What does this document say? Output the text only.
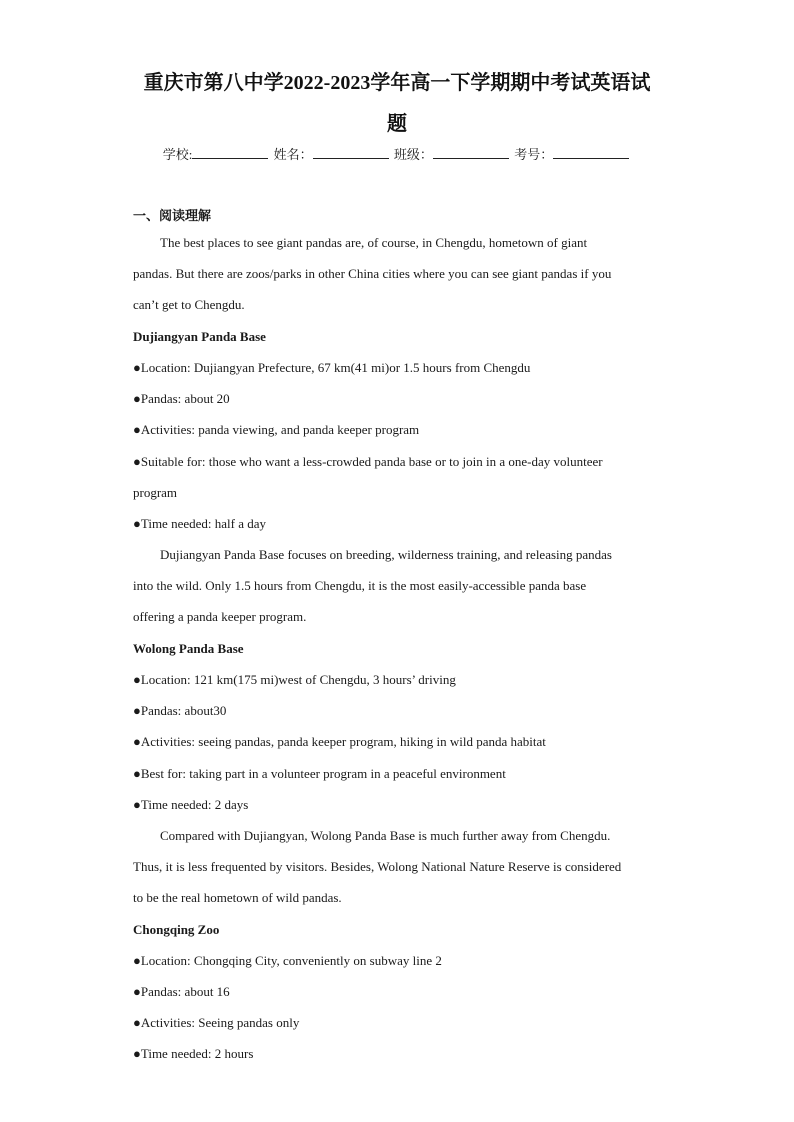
重庆市第八中学2022-2023学年高一下学期期中考试英语试
题
学校:	姓名：	班级：	考号：
一、阅读理解
The best places to see giant pandas are, of course, in Chengdu, hometown of giant
pandas. But there are zoos/parks in other China cities where you can see giant pandas if you
can’t get to Chengdu.
Dujiangyan Panda Base
●Location: Dujiangyan Prefecture, 67 km(41 mi)or 1.5 hours from Chengdu
●Pandas: about 20
●Activities: panda viewing, and panda keeper program
●Suitable for: those who want a less-crowded panda base or to join in a one-day volunteer
program
●Time needed: half a day
Dujiangyan Panda Base focuses on breeding, wilderness training, and releasing pandas
into the wild. Only 1.5 hours from Chengdu, it is the most easily-accessible panda base
offering a panda keeper program.
Wolong Panda Base
●Location: 121 km(175 mi)west of Chengdu, 3 hours’ driving
●Pandas: about30
●Activities: seeing pandas, panda keeper program, hiking in wild panda habitat
●Best for: taking part in a volunteer program in a peaceful environment
●Time needed: 2 days
Compared with Dujiangyan, Wolong Panda Base is much further away from Chengdu.
Thus, it is less frequented by visitors. Besides, Wolong National Nature Reserve is considered
to be the real hometown of wild pandas.
Chongqing Zoo
●Location: Chongqing City, conveniently on subway line 2
●Pandas: about 16
●Activities: Seeing pandas only
●Time needed: 2 hours
